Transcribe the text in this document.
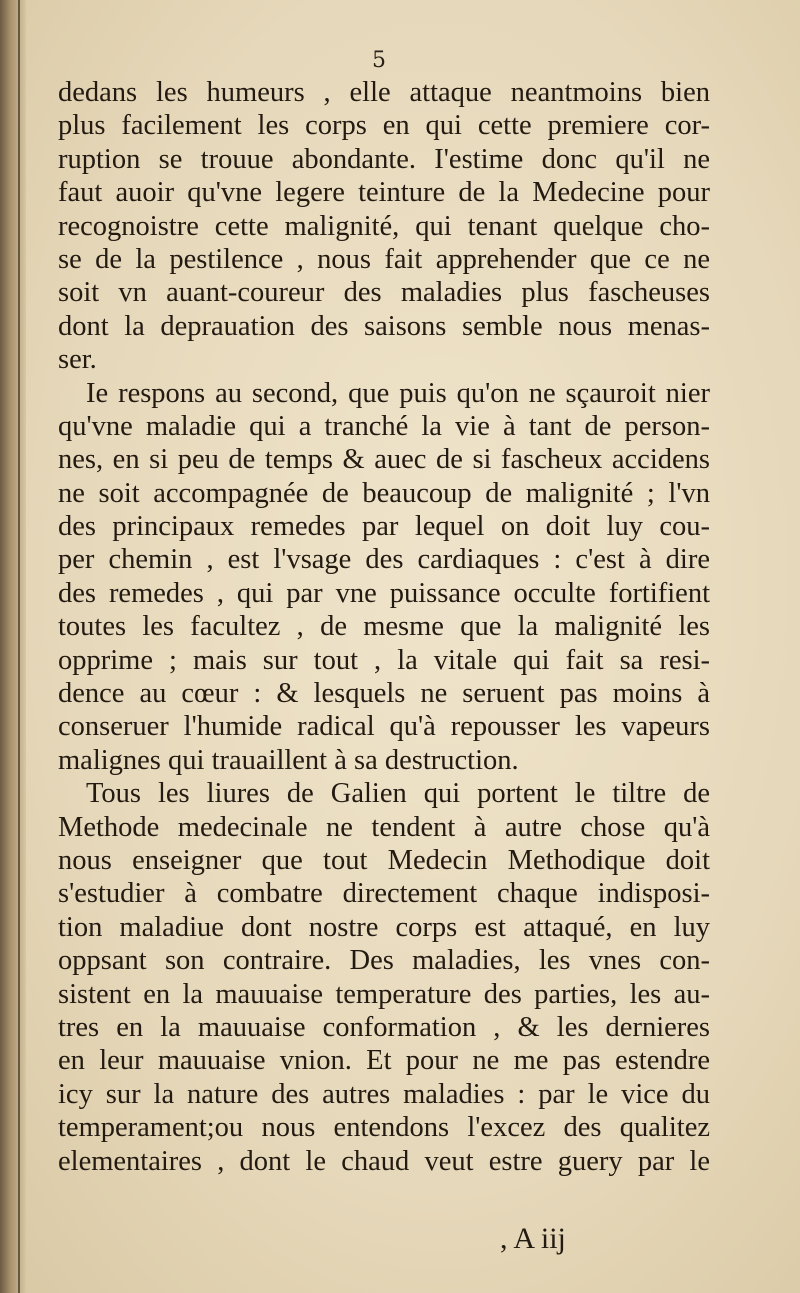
5
dedans les humeurs , elle attaque neantmoins bien
plus facilement les corps en qui cette premiere cor-
ruption se trouue abondante. I'estime donc qu'il ne
faut auoir qu'vne legere teinture de la Medecine pour
recognoistre cette malignité, qui tenant quelque cho-
se de la pestilence , nous fait apprehender que ce ne
soit vn auant-coureur des maladies plus fascheuses
dont la deprauation des saisons semble nous menas-
ser.
Ie respons au second, que puis qu'on ne sçauroit nier
qu'vne maladie qui a tranché la vie à tant de person-
nes, en si peu de temps & auec de si fascheux accidens
ne soit accompagnée de beaucoup de malignité ; l'vn
des principaux remedes par lequel on doit luy cou-
per chemin , est l'vsage des cardiaques : c'est à dire
des remedes , qui par vne puissance occulte fortifient
toutes les facultez , de mesme que la malignité les
opprime ; mais sur tout , la vitale qui fait sa resi-
dence au cœur : & lesquels ne seruent pas moins à
conseruer l'humide radical qu'à repousser les vapeurs
malignes qui trauaillent à sa destruction.
Tous les liures de Galien qui portent le tiltre de
Methode medecinale ne tendent à autre chose qu'à
nous enseigner que tout Medecin Methodique doit
s'estudier à combatre directement chaque indisposi-
tion maladiue dont nostre corps est attaqué, en luy
oppsant son contraire. Des maladies, les vnes con-
sistent en la mauuaise temperature des parties, les au-
tres en la mauuaise conformation , & les dernieres
en leur mauuaise vnion. Et pour ne me pas estendre
icy sur la nature des autres maladies : par le vice du
temperament;ou nous entendons l'excez des qualitez
elementaires , dont le chaud veut estre guery par le
, A iij
